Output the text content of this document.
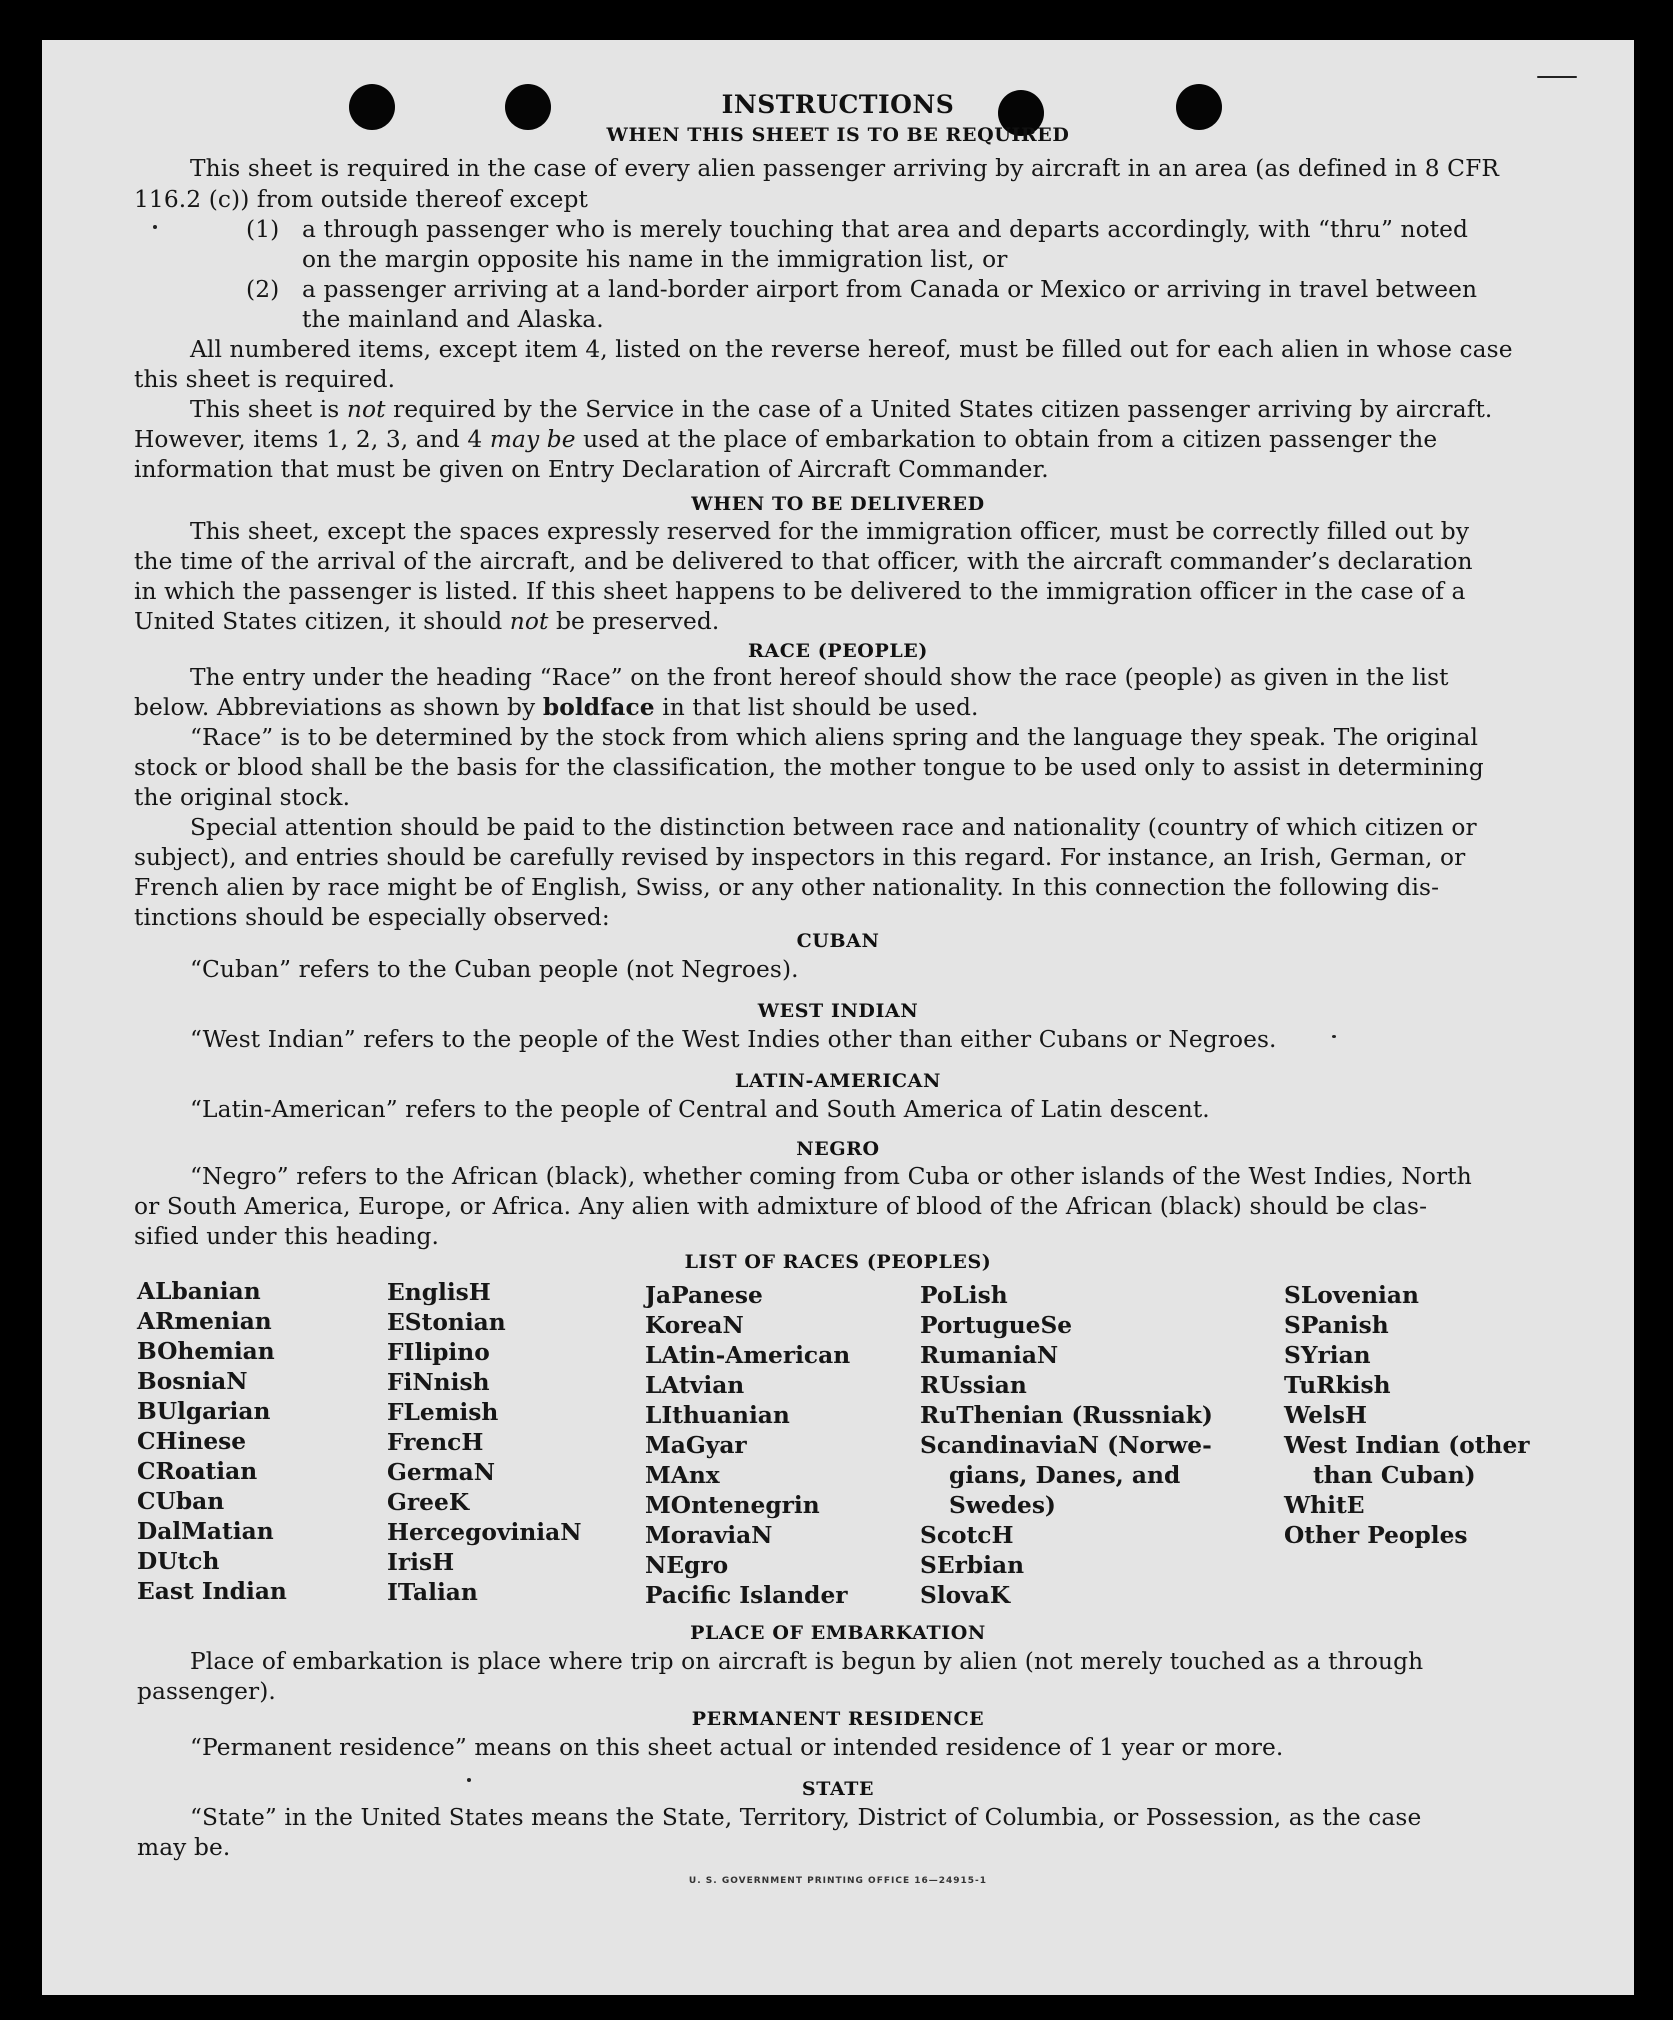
INSTRUCTIONS
WHEN THIS SHEET IS TO BE REQUIRED
This sheet is required in the case of every alien passenger arriving by aircraft in an area (as defined in 8 CFR
116.2 (c)) from outside thereof except
(1) a through passenger who is merely touching that area and departs accordingly, with “thru” noted
on the margin opposite his name in the immigration list, or
(2) a passenger arriving at a land-border airport from Canada or Mexico or arriving in travel between
the mainland and Alaska.
All numbered items, except item 4, listed on the reverse hereof, must be filled out for each alien in whose case
this sheet is required.
This sheet is not required by the Service in the case of a United States citizen passenger arriving by aircraft.
However, items 1, 2, 3, and 4 may be used at the place of embarkation to obtain from a citizen passenger the
information that must be given on Entry Declaration of Aircraft Commander.
WHEN TO BE DELIVERED
This sheet, except the spaces expressly reserved for the immigration officer, must be correctly filled out by
the time of the arrival of the aircraft, and be delivered to that officer, with the aircraft commander’s declaration
in which the passenger is listed. If this sheet happens to be delivered to the immigration officer in the case of a
United States citizen, it should not be preserved.
RACE (PEOPLE)
The entry under the heading “Race” on the front hereof should show the race (people) as given in the list
below. Abbreviations as shown by boldface in that list should be used.
“Race” is to be determined by the stock from which aliens spring and the language they speak. The original
stock or blood shall be the basis for the classification, the mother tongue to be used only to assist in determining
the original stock.
Special attention should be paid to the distinction between race and nationality (country of which citizen or
subject), and entries should be carefully revised by inspectors in this regard. For instance, an Irish, German, or
French alien by race might be of English, Swiss, or any other nationality. In this connection the following dis-
tinctions should be especially observed:
CUBAN
“Cuban” refers to the Cuban people (not Negroes).
WEST INDIAN
“West Indian” refers to the people of the West Indies other than either Cubans or Negroes.
LATIN-AMERICAN
“Latin-American” refers to the people of Central and South America of Latin descent.
NEGRO
“Negro” refers to the African (black), whether coming from Cuba or other islands of the West Indies, North
or South America, Europe, or Africa. Any alien with admixture of blood of the African (black) should be clas-
sified under this heading.
LIST OF RACES (PEOPLES)
ALbanian
ARmenian
BOhemian
BosniaN
BUlgarian
CHinese
CRoatian
CUban
DalMatian
DUtch
East Indian
EnglisH
EStonian
FIlipino
FiNnish
FLemish
FrencH
GermaN
GreeK
HercegoviniaN
IrisH
ITalian
JaPanese
KoreaN
LAtin-American
LAtvian
LIthuanian
MaGyar
MAnx
MOntenegrin
MoraviaN
NEgro
Pacific Islander
PoLish
PortugueSe
RumaniaN
RUssian
RuThenian (Russniak)
ScandinaviaN (Norwe-
gians, Danes, and
Swedes)
ScotcH
SErbian
SlovaK
SLovenian
SPanish
SYrian
TuRkish
WelsH
West Indian (other
than Cuban)
WhitE
Other Peoples
PLACE OF EMBARKATION
Place of embarkation is place where trip on aircraft is begun by alien (not merely touched as a through
passenger).
PERMANENT RESIDENCE
“Permanent residence” means on this sheet actual or intended residence of 1 year or more.
STATE
“State” in the United States means the State, Territory, District of Columbia, or Possession, as the case
may be.
U. S. GOVERNMENT PRINTING OFFICE 16—24915-1
